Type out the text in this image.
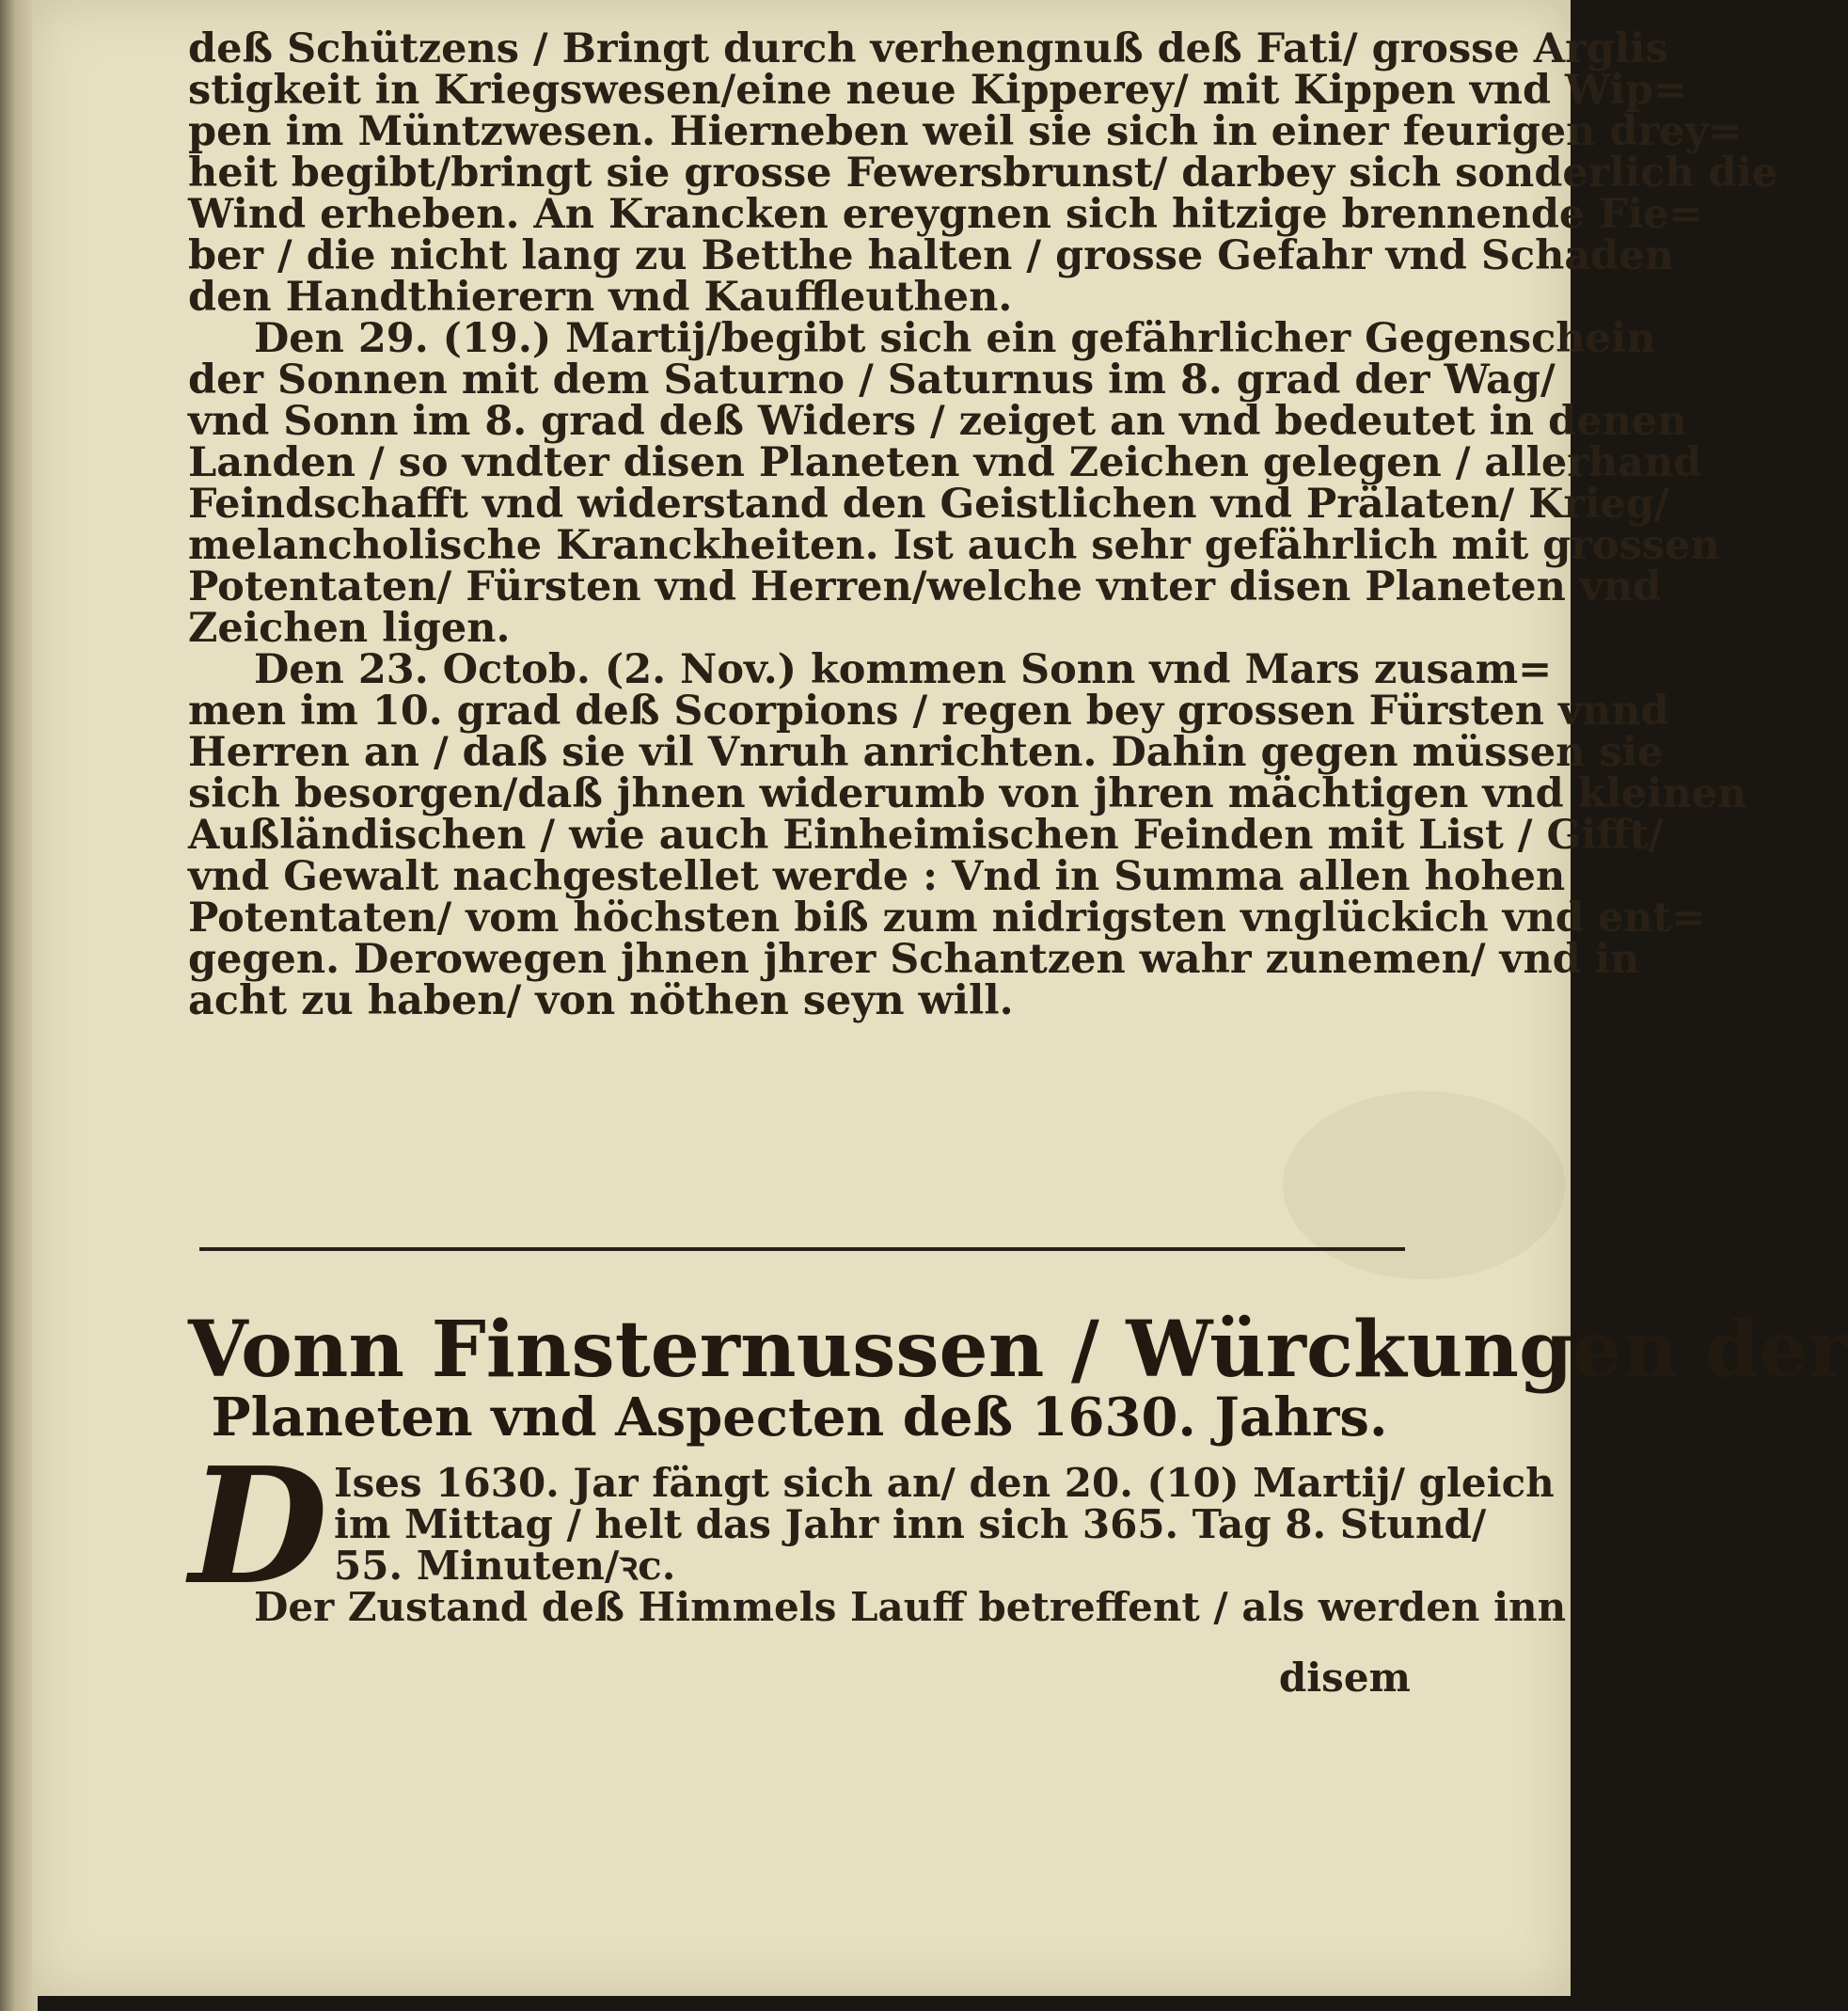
deß Schützens / Bringt durch verhengnuß deß Fati/ grosse Arglis
stigkeit in Kriegswesen/eine neue Kipperey/ mit Kippen vnd Wip=
pen im Müntzwesen. Hierneben weil sie sich in einer feurigen drey=
heit begibt/bringt sie grosse Fewersbrunst/ darbey sich sonderlich die
Wind erheben. An Krancken ereygnen sich hitzige brennende Fie=
ber / die nicht lang zu Betthe halten / grosse Gefahr vnd Schaden
den Handthierern vnd Kauffleuthen.
Den 29. (19.) Martij/begibt sich ein gefährlicher Gegenschein
der Sonnen mit dem Saturno / Saturnus im 8. grad der Wag/
vnd Sonn im 8. grad deß Widers / zeiget an vnd bedeutet in denen
Landen / so vndter disen Planeten vnd Zeichen gelegen / allerhand
Feindschafft vnd widerstand den Geistlichen vnd Prälaten/ Krieg/
melancholische Kranckheiten. Ist auch sehr gefährlich mit grossen
Potentaten/ Fürsten vnd Herren/welche vnter disen Planeten vnd
Zeichen ligen.
Den 23. Octob. (2. Nov.) kommen Sonn vnd Mars zusam=
men im 10. grad deß Scorpions / regen bey grossen Fürsten vnnd
Herren an / daß sie vil Vnruh anrichten. Dahin gegen müssen sie
sich besorgen/daß jhnen widerumb von jhren mächtigen vnd kleinen
Außländischen / wie auch Einheimischen Feinden mit List / Gifft/
vnd Gewalt nachgestellet werde : Vnd in Summa allen hohen
Potentaten/ vom höchsten biß zum nidrigsten vnglückich vnd ent=
gegen. Derowegen jhnen jhrer Schantzen wahr zunemen/ vnd in
acht zu haben/ von nöthen seyn will.
Vonn Finsternussen / Würckungen der
Planeten vnd Aspecten deß 1630. Jahrs.
D Ises 1630. Jar fängt sich an/ den 20. (10) Martij/ gleich
im Mittag / helt das Jahr inn sich 365. Tag 8. Stund/
55. Minuten/ꝛc.
Der Zustand deß Himmels Lauff betreffent / als werden inn
disem
